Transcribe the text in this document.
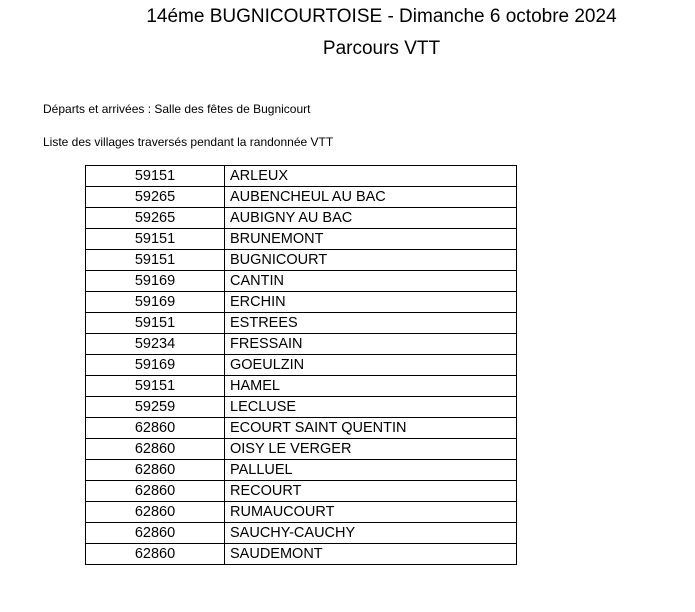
14éme BUGNICOURTOISE - Dimanche 6 octobre 2024
Parcours VTT
Départs et arrivées : Salle des fêtes de Bugnicourt
Liste des villages traversés pendant la randonnée VTT
59151	ARLEUX
59265	AUBENCHEUL AU BAC
59265	AUBIGNY AU BAC
59151	BRUNEMONT
59151	BUGNICOURT
59169	CANTIN
59169	ERCHIN
59151	ESTREES
59234	FRESSAIN
59169	GOEULZIN
59151	HAMEL
59259	LECLUSE
62860	ECOURT SAINT QUENTIN
62860	OISY LE VERGER
62860	PALLUEL
62860	RECOURT
62860	RUMAUCOURT
62860	SAUCHY-CAUCHY
62860	SAUDEMONT
